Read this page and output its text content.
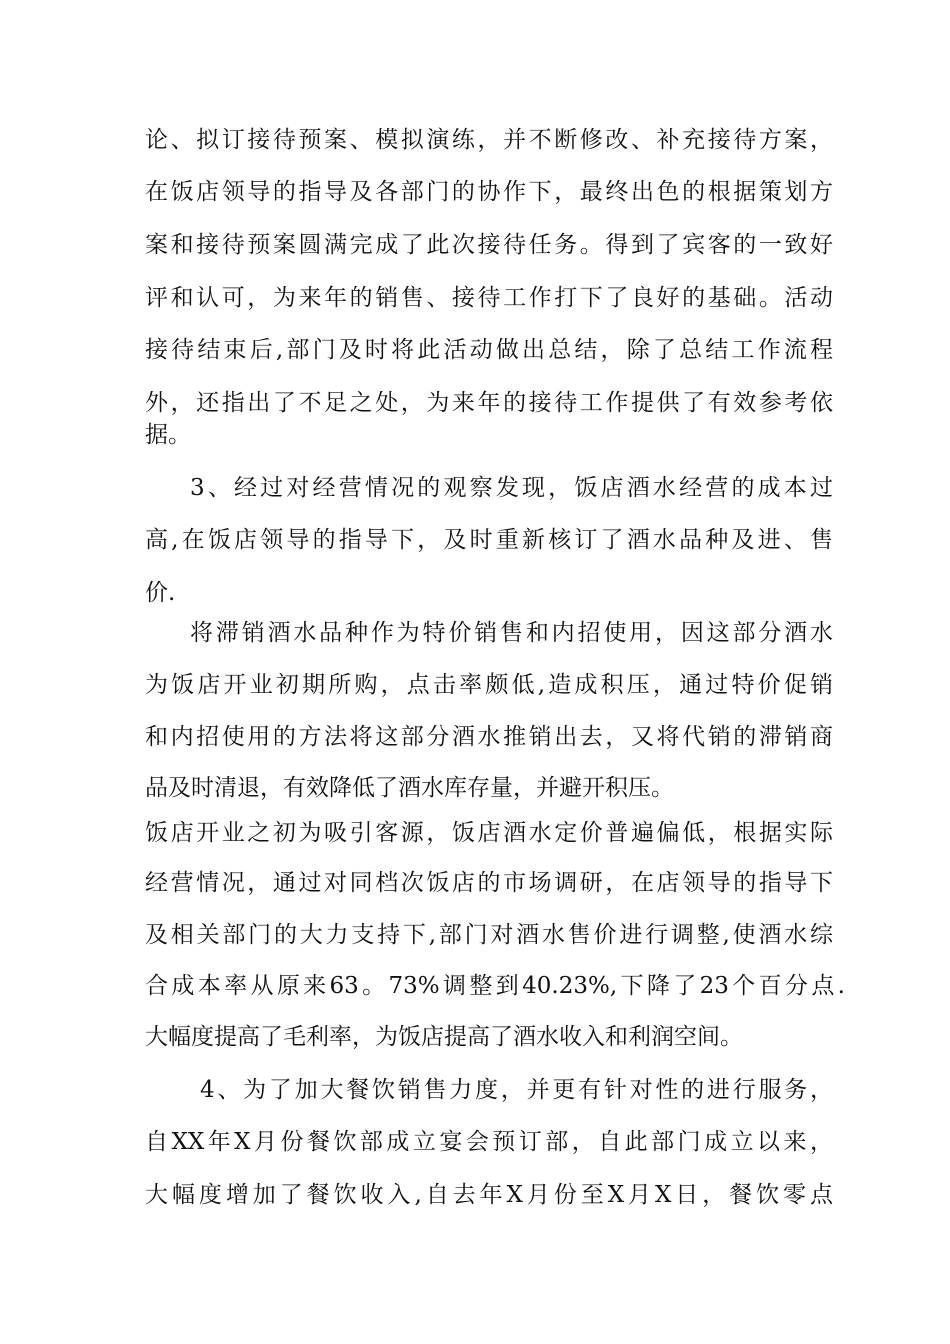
论、拟订接待预案、模拟演练，并不断修改、补充接待方案，
在饭店领导的指导及各部门的协作下，最终出色的根据策划方
案和接待预案圆满完成了此次接待任务。得到了宾客的一致好
评和认可，为来年的销售、接待工作打下了良好的基础。活动
接待结束后,部门及时将此活动做出总结，除了总结工作流程
外，还指出了不足之处，为来年的接待工作提供了有效参考依
据。
3、经过对经营情况的观察发现，饭店酒水经营的成本过
高,在饭店领导的指导下，及时重新核订了酒水品种及进、售
价.
将滞销酒水品种作为特价销售和内招使用，因这部分酒水
为饭店开业初期所购，点击率颇低,造成积压，通过特价促销
和内招使用的方法将这部分酒水推销出去，又将代销的滞销商
品及时清退，有效降低了酒水库存量，并避开积压。
饭店开业之初为吸引客源，饭店酒水定价普遍偏低，根据实际
经营情况，通过对同档次饭店的市场调研，在店领导的指导下
及相关部门的大力支持下,部门对酒水售价进行调整,使酒水综
合成本率从原来63。73%调整到40.23%,下降了23个百分点.
大幅度提高了毛利率，为饭店提高了酒水收入和利润空间。
4、为了加大餐饮销售力度，并更有针对性的进行服务，
自XX年X月份餐饮部成立宴会预订部，自此部门成立以来，
大幅度增加了餐饮收入,自去年X月份至X月X日，餐饮零点
